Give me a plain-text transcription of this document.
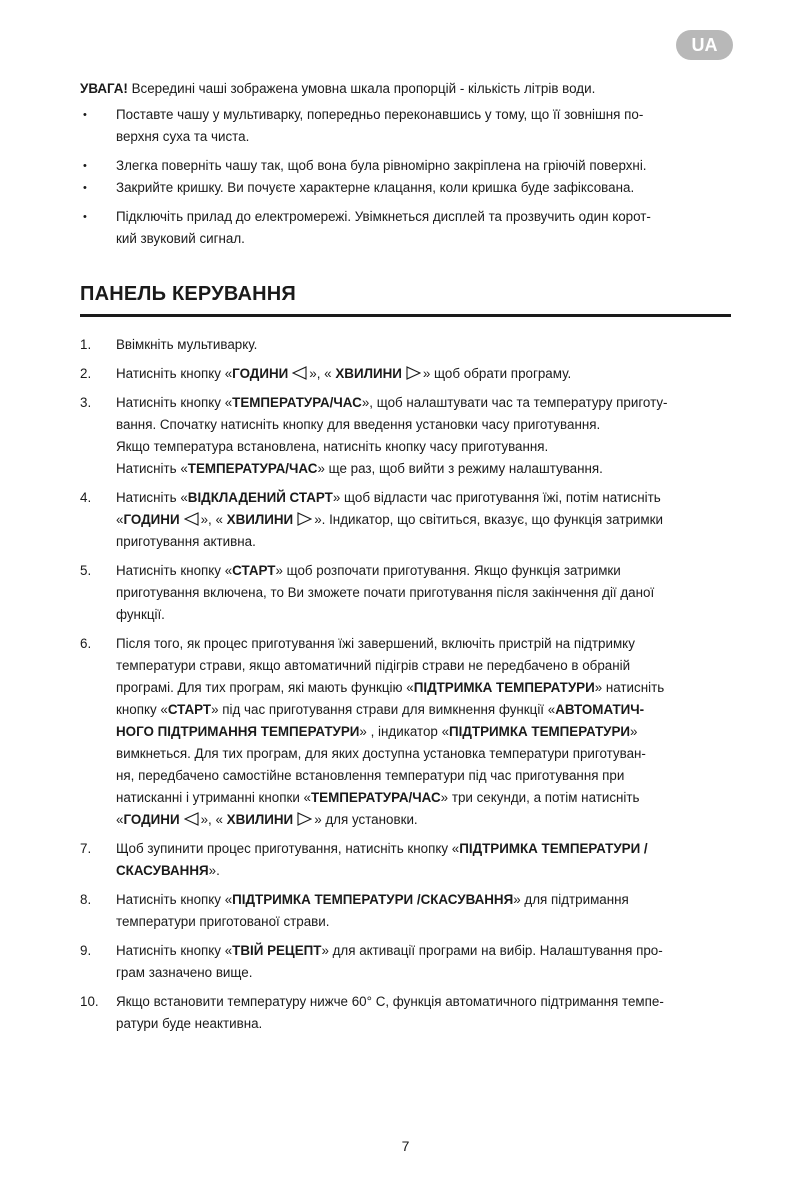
UA
УВАГА! Всередині чаші зображена умовна шкала пропорцій - кількість літрів води.
• Поставте чашу у мультиварку, попередньо переконавшись у тому, що її зовнішня по-
верхня суха та чиста.
• Злегка поверніть чашу так, щоб вона була рівномірно закріплена на гріючій поверхні.
• Закрийте кришку. Ви почуєте характерне клацання, коли кришка буде зафіксована.
• Підключіть прилад до електромережі. Увімкнеться дисплей та прозвучить один корот-
кий звуковий сигнал.
ПАНЕЛЬ КЕРУВАННЯ
1. Ввімкніть мультиварку.
2. Натисніть кнопку «ГОДИНИ », « ХВИЛИНИ » щоб обрати програму.
3. Натисніть кнопку «ТЕМПЕРАТУРА/ЧАС», щоб налаштувати час та температуру приготу-
вання. Спочатку натисніть кнопку для введення установки часу приготування.
Якщо температура встановлена, натисніть кнопку часу приготування.
Натисніть «ТЕМПЕРАТУРА/ЧАС» ще раз, щоб вийти з режиму налаштування.
4. Натисніть «ВІДКЛАДЕНИЙ СТАРТ» щоб відласти час приготування їжі, потім натисніть
«ГОДИНИ », « ХВИЛИНИ ». Індикатор, що світиться, вказує, що функція затримки
приготування активна.
5. Натисніть кнопку «СТАРТ» щоб розпочати приготування. Якщо функція затримки
приготування включена, то Ви зможете почати приготування після закінчення дії даної
функції.
6. Після того, як процес приготування їжі завершений, включіть пристрій на підтримку
температури страви, якщо автоматичний підігрів страви не передбачено в обраній
програмі. Для тих програм, які мають функцію «ПІДТРИМКА ТЕМПЕРАТУРИ» натисніть
кнопку «СТАРТ» під час приготування страви для вимкнення функції «АВТОМАТИЧ-
НОГО ПІДТРИМАННЯ ТЕМПЕРАТУРИ» , індикатор «ПІДТРИМКА ТЕМПЕРАТУРИ»
вимкнеться. Для тих програм, для яких доступна установка температури приготуван-
ня, передбачено самостійне встановлення температури під час приготування при
натисканні і утриманні кнопки «ТЕМПЕРАТУРА/ЧАС» три секунди, а потім натисніть
«ГОДИНИ », « ХВИЛИНИ » для установки.
7. Щоб зупинити процес приготування, натисніть кнопку «ПІДТРИМКА ТЕМПЕРАТУРИ /
СКАСУВАННЯ».
8. Натисніть кнопку «ПІДТРИМКА ТЕМПЕРАТУРИ /СКАСУВАННЯ» для підтримання
температури приготованої страви.
9. Натисніть кнопку «ТВІЙ РЕЦЕПТ» для активації програми на вибір. Налаштування про-
грам зазначено вище.
10. Якщо встановити температуру нижче 60° С, функція автоматичного підтримання темпе-
ратури буде неактивна.
7
